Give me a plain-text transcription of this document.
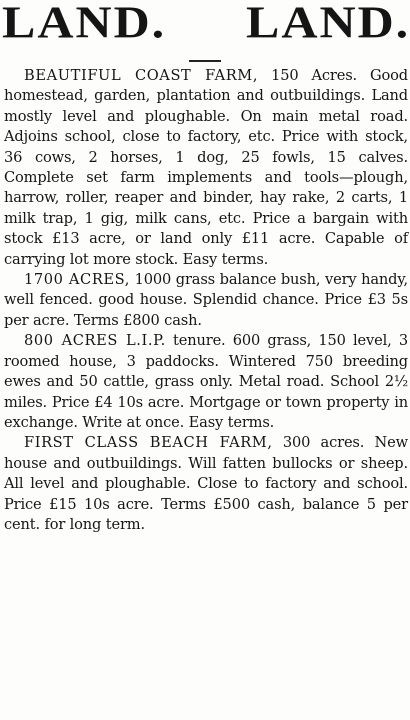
LAND. LAND.

BEAUTIFUL COAST FARM, 150 Acres. Good homestead, garden, plantation and outbuildings. Land mostly level and ploughable. On main metal road. Adjoins school, close to factory, etc. Price with stock, 36 cows, 2 horses, 1 dog, 25 fowls, 15 calves. Complete set farm implements and tools—plough, harrow, roller, reaper and binder, hay rake, 2 carts, 1 milk trap, 1 gig, milk cans, etc. Price a bargain with stock £13 acre, or land only £11 acre. Capable of carrying lot more stock. Easy terms.

1700 ACRES, 1000 grass balance bush, very handy, well fenced. good house. Splendid chance. Price £3 5s per acre. Terms £800 cash.

800 ACRES L.I.P. tenure. 600 grass, 150 level, 3 roomed house, 3 paddocks. Wintered 750 breeding ewes and 50 cattle, grass only. Metal road. School 2½ miles. Price £4 10s acre. Mortgage or town property in exchange. Write at once. Easy terms.

FIRST CLASS BEACH FARM, 300 acres. New house and outbuildings. Will fatten bullocks or sheep. All level and ploughable. Close to factory and school. Price £15 10s acre. Terms £500 cash, balance 5 per cent. for long term.
